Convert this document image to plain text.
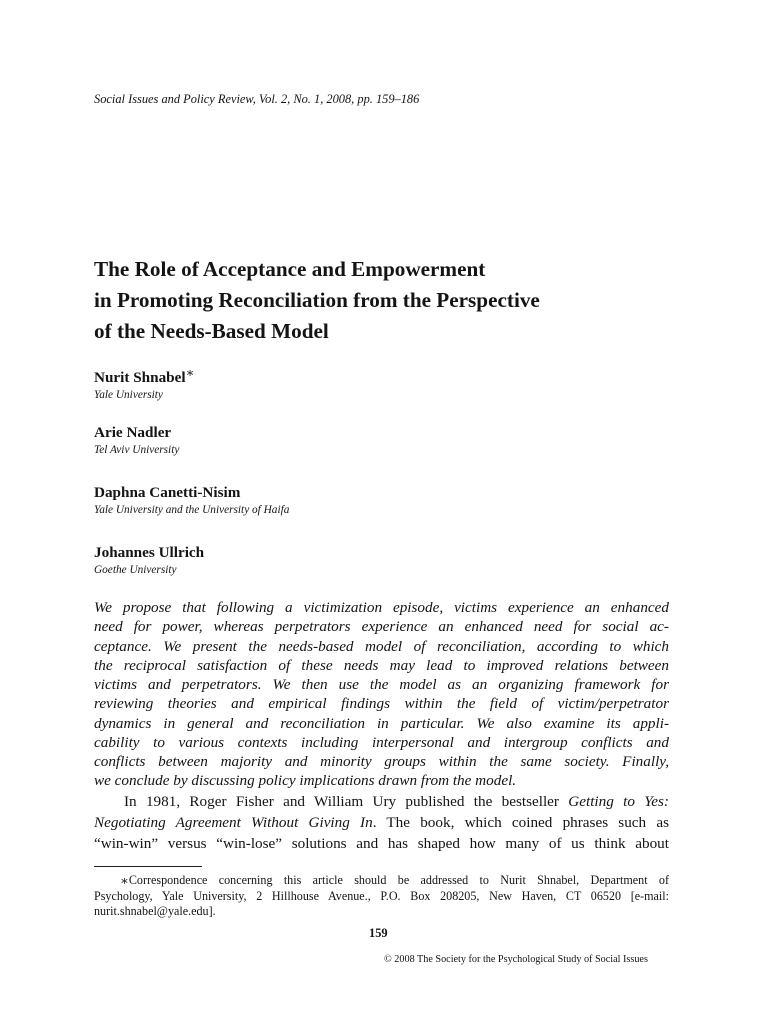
Social Issues and Policy Review, Vol. 2, No. 1, 2008, pp. 159–186
The Role of Acceptance and Empowerment
in Promoting Reconciliation from the Perspective
of the Needs-Based Model
Nurit Shnabel∗
Yale University
Arie Nadler
Tel Aviv University
Daphna Canetti-Nisim
Yale University and the University of Haifa
Johannes Ullrich
Goethe University

We propose that following a victimization episode, victims experience an enhanced
need for power, whereas perpetrators experience an enhanced need for social ac-
ceptance. We present the needs-based model of reconciliation, according to which
the reciprocal satisfaction of these needs may lead to improved relations between
victims and perpetrators. We then use the model as an organizing framework for
reviewing theories and empirical findings within the field of victim/perpetrator
dynamics in general and reconciliation in particular. We also examine its appli-
cability to various contexts including interpersonal and intergroup conflicts and
conflicts between majority and minority groups within the same society. Finally,
we conclude by discussing policy implications drawn from the model.

In 1981, Roger Fisher and William Ury published the bestseller Getting to Yes:
Negotiating Agreement Without Giving In. The book, which coined phrases such as
“win-win” versus “win-lose” solutions and has shaped how many of us think about

∗Correspondence concerning this article should be addressed to Nurit Shnabel, Department of
Psychology, Yale University, 2 Hillhouse Avenue., P.O. Box 208205, New Haven, CT 06520 [e-mail:
nurit.shnabel@yale.edu].

159
© 2008 The Society for the Psychological Study of Social Issues
